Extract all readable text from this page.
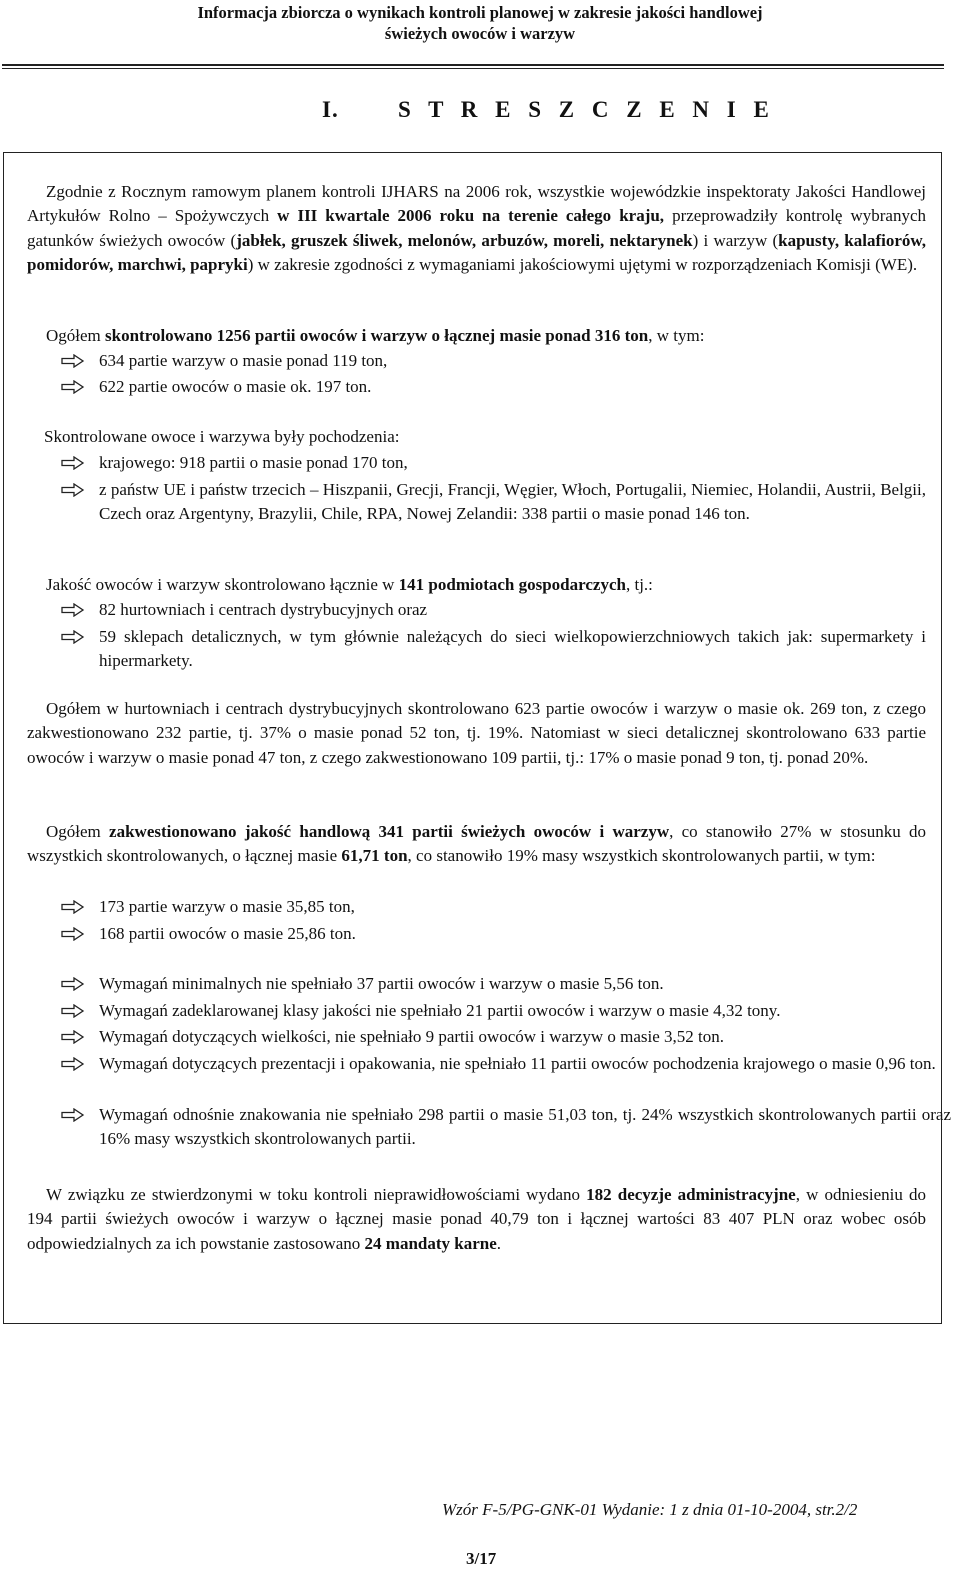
Informacja zbiorcza o wynikach kontroli planowej w zakresie jakości handlowej
świeżych owoców i warzyw
I.	S T R E S Z C Z E N I E

Zgodnie z Rocznym ramowym planem kontroli IJHARS na 2006 rok, wszystkie wojewódzkie inspektoraty Jakości Handlowej Artykułów Rolno – Spożywczych w III kwartale 2006 roku na terenie całego kraju, przeprowadziły kontrolę wybranych gatunków świeżych owoców (jabłek, gruszek śliwek, melonów, arbuzów, moreli, nektarynek) i warzyw (kapusty, kalafiorów, pomidorów, marchwi, papryki) w zakresie zgodności z wymaganiami jakościowymi ujętymi w rozporządzeniach Komisji (WE).

Ogółem skontrolowano 1256 partii owoców i warzyw o łącznej masie ponad 316 ton, w tym:

634 partie warzyw o masie ponad 119 ton,
622 partie owoców o masie ok. 197 ton.
Skontrolowane owoce i warzywa były pochodzenia:
krajowego: 918 partii o masie ponad 170 ton,
z państw UE i państw trzecich – Hiszpanii, Grecji, Francji, Węgier, Włoch, Portugalii, Niemiec, Holandii, Austrii, Belgii, Czech oraz Argentyny, Brazylii, Chile, RPA, Nowej Zelandii: 338 partii o masie ponad 146 ton.

Jakość owoców i warzyw skontrolowano łącznie w 141 podmiotach gospodarczych, tj.:

82 hurtowniach i centrach dystrybucyjnych oraz
59 sklepach detalicznych, w tym głównie należących do sieci wielkopowierzchniowych takich jak: supermarkety i hipermarkety.

Ogółem w hurtowniach i centrach dystrybucyjnych skontrolowano 623 partie owoców i warzyw o masie ok. 269 ton, z czego zakwestionowano 232 partie, tj. 37% o masie ponad 52 ton, tj. 19%. Natomiast w sieci detalicznej skontrolowano 633 partie owoców i warzyw o masie ponad 47 ton, z czego zakwestionowano 109 partii, tj.: 17% o masie ponad 9 ton, tj. ponad 20%.

Ogółem zakwestionowano jakość handlową 341 partii świeżych owoców i warzyw, co stanowiło 27% w stosunku do wszystkich skontrolowanych, o łącznej masie 61,71 ton, co stanowiło 19% masy wszystkich skontrolowanych partii, w tym:

173 partie warzyw o masie 35,85 ton,
168 partii owoców o masie 25,86 ton.
Wymagań minimalnych nie spełniało 37 partii owoców i warzyw o masie 5,56 ton.
Wymagań zadeklarowanej klasy jakości nie spełniało 21 partii owoców i warzyw o masie 4,32 tony.
Wymagań dotyczących wielkości, nie spełniało 9 partii owoców i warzyw o masie 3,52 ton.
Wymagań dotyczących prezentacji i opakowania, nie spełniało 11 partii owoców pochodzenia krajowego o masie 0,96 ton.
Wymagań odnośnie znakowania nie spełniało 298 partii o masie 51,03 ton, tj. 24% wszystkich skontrolowanych partii oraz 16% masy wszystkich skontrolowanych partii.

W związku ze stwierdzonymi w toku kontroli nieprawidłowościami wydano 182 decyzje administracyjne, w odniesieniu do 194 partii świeżych owoców i warzyw o łącznej masie ponad 40,79 ton i łącznej wartości 83 407 PLN oraz wobec osób odpowiedzialnych za ich powstanie zastosowano 24 mandaty karne.

Wzór F-5/PG-GNK-01 Wydanie: 1 z dnia 01-10-2004, str.2/2
3/17
